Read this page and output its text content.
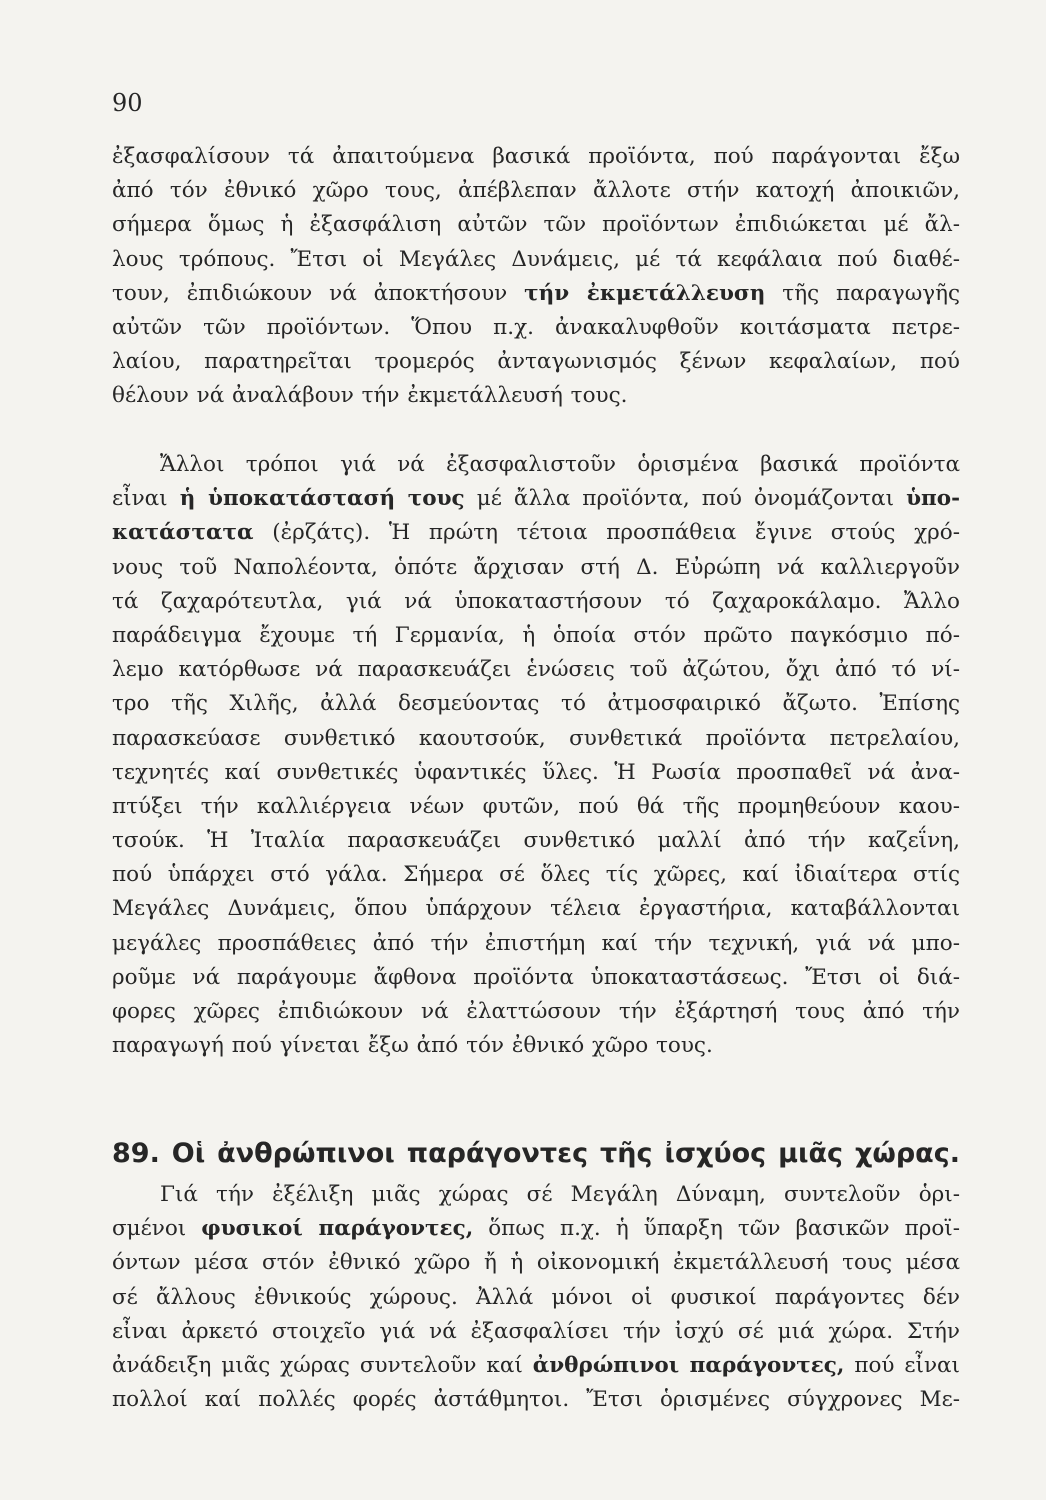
90
ἐξασφαλίσουν τά ἀπαιτούμενα βασικά προϊόντα, πού παράγονται ἔξω
ἀπό τόν ἐθνικό χῶρο τους, ἀπέβλεπαν ἄλλοτε στήν κατοχή ἀποικιῶν,
σήμερα ὅμως ἡ ἐξασφάλιση αὐτῶν τῶν προϊόντων ἐπιδιώκεται μέ ἄλ-
λους τρόπους. Ἔτσι οἱ Μεγάλες Δυνάμεις, μέ τά κεφάλαια πού διαθέ-
τουν, ἐπιδιώκουν νά ἀποκτήσουν τήν ἐκμετάλλευση τῆς παραγωγῆς
αὐτῶν τῶν προϊόντων. Ὅπου π.χ. ἀνακαλυφθοῦν κοιτάσματα πετρε-
λαίου, παρατηρεῖται τρομερός ἀνταγωνισμός ξένων κεφαλαίων, πού
θέλουν νά ἀναλάβουν τήν ἐκμετάλλευσή τους.
Ἄλλοι τρόποι γιά νά ἐξασφαλιστοῦν ὁρισμένα βασικά προϊόντα
εἶναι ἡ ὑποκατάστασή τους μέ ἄλλα προϊόντα, πού ὀνομάζονται ὑπο-
κατάστατα (ἐρζάτς). Ἡ πρώτη τέτοια προσπάθεια ἔγινε στούς χρό-
νους τοῦ Ναπολέοντα, ὁπότε ἄρχισαν στή Δ. Εὐρώπη νά καλλιεργοῦν
τά ζαχαρότευτλα, γιά νά ὑποκαταστήσουν τό ζαχαροκάλαμο. Ἄλλο
παράδειγμα ἔχουμε τή Γερμανία, ἡ ὁποία στόν πρῶτο παγκόσμιο πό-
λεμο κατόρθωσε νά παρασκευάζει ἑνώσεις τοῦ ἀζώτου, ὄχι ἀπό τό νί-
τρο τῆς Χιλῆς, ἀλλά δεσμεύοντας τό ἀτμοσφαιρικό ἄζωτο. Ἐπίσης
παρασκεύασε συνθετικό καουτσούκ, συνθετικά προϊόντα πετρελαίου,
τεχνητές καί συνθετικές ὑφαντικές ὕλες. Ἡ Ρωσία προσπαθεῖ νά ἀνα-
πτύξει τήν καλλιέργεια νέων φυτῶν, πού θά τῆς προμηθεύουν καου-
τσούκ. Ἡ Ἰταλία παρασκευάζει συνθετικό μαλλί ἀπό τήν καζεΐνη,
πού ὑπάρχει στό γάλα. Σήμερα σέ ὅλες τίς χῶρες, καί ἰδιαίτερα στίς
Μεγάλες Δυνάμεις, ὅπου ὑπάρχουν τέλεια ἐργαστήρια, καταβάλλονται
μεγάλες προσπάθειες ἀπό τήν ἐπιστήμη καί τήν τεχνική, γιά νά μπο-
ροῦμε νά παράγουμε ἄφθονα προϊόντα ὑποκαταστάσεως. Ἔτσι οἱ διά-
φορες χῶρες ἐπιδιώκουν νά ἐλαττώσουν τήν ἐξάρτησή τους ἀπό τήν
παραγωγή πού γίνεται ἔξω ἀπό τόν ἐθνικό χῶρο τους.
89. Οἱ ἀνθρώπινοι παράγοντες τῆς ἰσχύος μιᾶς χώρας.
Γιά τήν ἐξέλιξη μιᾶς χώρας σέ Μεγάλη Δύναμη, συντελοῦν ὁρι-
σμένοι φυσικοί παράγοντες, ὅπως π.χ. ἡ ὕπαρξη τῶν βασικῶν προϊ-
όντων μέσα στόν ἐθνικό χῶρο ἤ ἡ οἰκονομική ἐκμετάλλευσή τους μέσα
σέ ἄλλους ἐθνικούς χώρους. Ἀλλά μόνοι οἱ φυσικοί παράγοντες δέν
εἶναι ἀρκετό στοιχεῖο γιά νά ἐξασφαλίσει τήν ἰσχύ σέ μιά χώρα. Στήν
ἀνάδειξη μιᾶς χώρας συντελοῦν καί ἀνθρώπινοι παράγοντες, πού εἶναι
πολλοί καί πολλές φορές ἀστάθμητοι. Ἔτσι ὁρισμένες σύγχρονες Με-
